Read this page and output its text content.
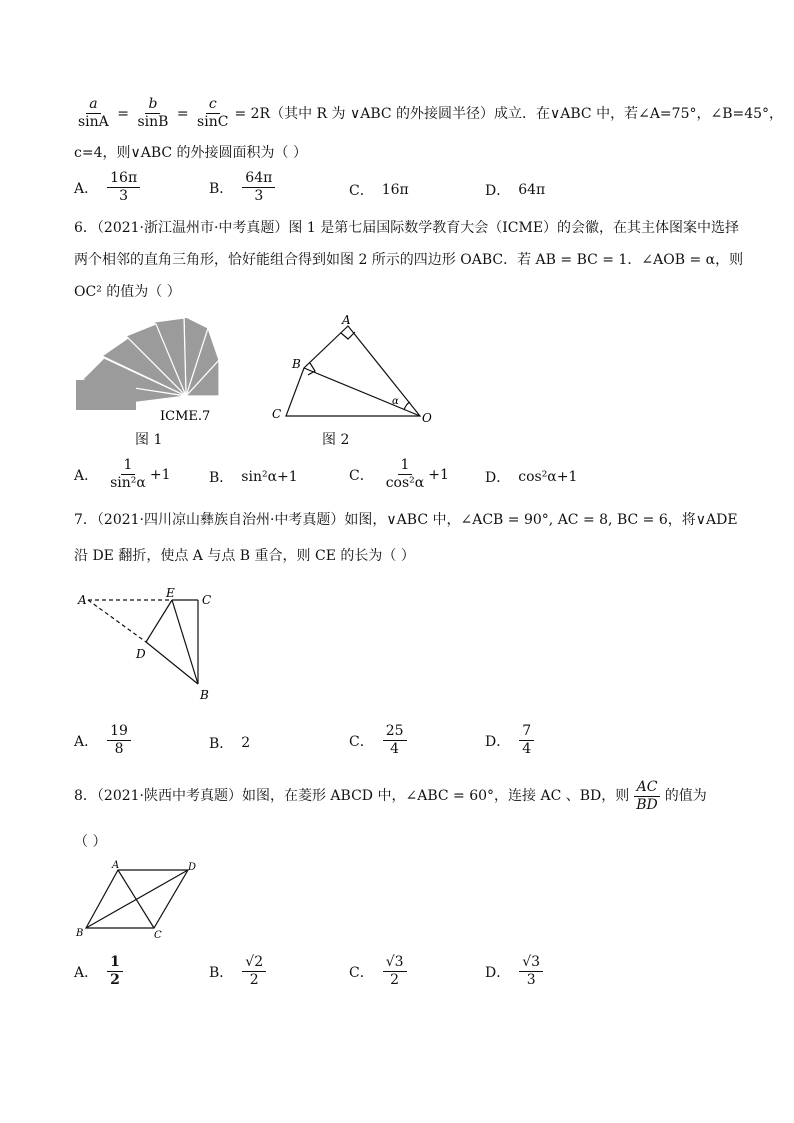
$\frac{a}{\sin A} = \frac{b}{\sin B} = \frac{c}{\sin C} = 2R$（其中 R 为 ∨ABC 的外接圆半径）成立．在∨ABC 中，若∠A=75°，∠B=45°，
c=4，则∨ABC 的外接圆面积为（ ）
A． $\frac{16\pi}{3}$	B． $\frac{64\pi}{3}$	C． 16π	D． 64π
6．（2021·浙江温州市·中考真题）图 1 是第七届国际数学教育大会（ICME）的会徽，在其主体图案中选择
两个相邻的直角三角形，恰好能组合得到如图 2 所示的四边形 OABC．若 AB = BC = 1．∠AOB = α，则
OC² 的值为（ ）
ICME.7
图 1
A
B
C	O
α
图 2
A． $\frac{1}{\text{sin²α}} +1$	B． sin²α+1	C． $\frac{1}{\text{cos²α}} +1$	D． cos²α+1
7．（2021·四川凉山彝族自治州·中考真题）如图，∨ABC 中，∠ACB = 90°, AC = 8, BC = 6，将∨ADE
沿 DE 翻折，使点 A 与点 B 重合，则 CE 的长为（ ）
A	E C
D
B
A． $\frac{19}{8}$	B． 2	C． $\frac{25}{4}$	D． $\frac{7}{4}$
8．（2021·陕西中考真题）如图，在菱形 ABCD 中，∠ABC = 60°，连接 AC 、BD，则 $\frac{AC}{BD}$ 的值为
（ ）
A	D
B	C
A． $\frac{1}{2}$	B． $\frac{√2}{2}$	C． $\frac{√3}{2}$	D． $\frac{√3}{3}$
